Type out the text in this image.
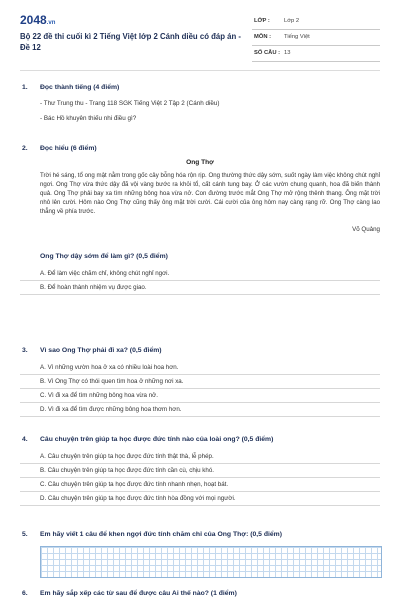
2048.vn
Bộ 22 đề thi cuối kì 2 Tiếng Việt lớp 2 Cánh diều có đáp án - Đề 12
LỚP : Lớp 2
MÔN : Tiếng Việt
SỐ CÂU : 13
1. Đọc thành tiếng (4 điểm)
- Thư Trung thu - Trang 118 SGK Tiếng Việt 2 Tập 2 (Cánh diều)
- Bác Hồ khuyên thiếu nhi điều gì?
2. Đọc hiểu (6 điểm)
Ong Thợ
Trời hé sáng, tổ ong mật nằm trong gốc cây bỗng hóa rộn rịp. Ong thường thức dậy sớm, suốt ngày làm việc không chút nghỉ ngơi. Ong Thợ vừa thức dậy đã vội vàng bước ra khỏi tổ, cất cánh tung bay. Ở các vườn chung quanh, hoa đã biến thành quả. Ong Thợ phải bay xa tìm những bông hoa vừa nở. Con đường trước mắt Ong Thợ mở rộng thênh thang. Ông mặt trời nhô lên cười. Hôm nào Ong Thợ cũng thấy ông mặt trời cười. Cái cười của ông hôm nay càng rạng rỡ. Ong Thợ càng lao thẳng về phía trước.
Võ Quảng
Ong Thợ dậy sớm để làm gì? (0,5 điểm)
A. Để làm việc chăm chỉ, không chút nghỉ ngơi.
B. Để hoàn thành nhiệm vụ được giao.
3. Vì sao Ong Thợ phải đi xa? (0,5 điểm)
A. Vì những vườn hoa ở xa có nhiều loài hoa hơn.
B. Vì Ong Thợ có thói quen tìm hoa ở những nơi xa.
C. Vì đi xa để tìm những bông hoa vừa nở.
D. Vì đi xa để tìm được những bông hoa thơm hơn.
4. Câu chuyện trên giúp ta học được đức tính nào của loài ong? (0,5 điểm)
A. Câu chuyện trên giúp ta học được đức tính thật thà, lễ phép.
B. Câu chuyện trên giúp ta học được đức tính cần cù, chịu khó.
C. Câu chuyện trên giúp ta học được đức tính nhanh nhẹn, hoạt bát.
D. Câu chuyện trên giúp ta học được đức tính hòa đồng với mọi người.
5. Em hãy viết 1 câu để khen ngợi đức tính chăm chỉ của Ong Thợ: (0,5 điểm)
6. Em hãy sắp xếp các từ sau để được câu Ai thế nào? (1 điểm)
